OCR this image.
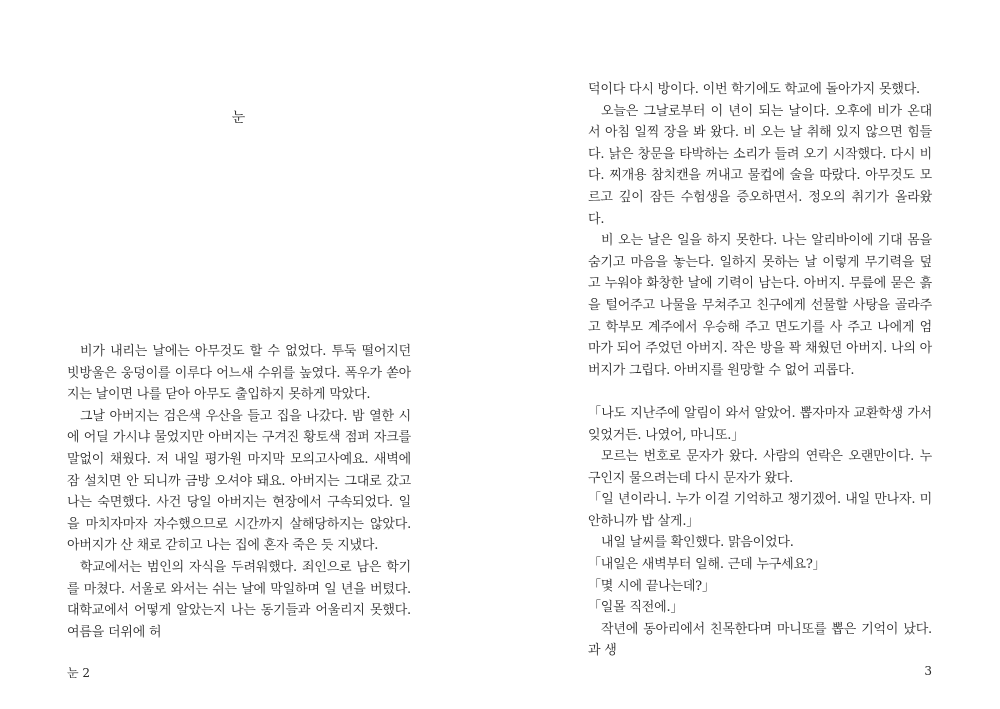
눈

비가 내리는 날에는 아무것도 할 수 없었다. 투둑 떨어지던 빗방울은 웅덩이를 이루다 어느새 수위를 높였다. 폭우가 쏟아지는 날이면 나를 닫아 아무도 출입하지 못하게 막았다.

그날 아버지는 검은색 우산을 들고 집을 나갔다. 밤 열한 시에 어딜 가시냐 물었지만 아버지는 구겨진 황토색 점퍼 자크를 말없이 채웠다. 저 내일 평가원 마지막 모의고사예요. 새벽에 잠 설치면 안 되니까 금방 오셔야 돼요. 아버지는 그대로 갔고 나는 숙면했다. 사건 당일 아버지는 현장에서 구속되었다. 일을 마치자마자 자수했으므로 시간까지 살해당하지는 않았다. 아버지가 산 채로 갇히고 나는 집에 혼자 죽은 듯 지냈다.

학교에서는 범인의 자식을 두려워했다. 죄인으로 남은 학기를 마쳤다. 서울로 와서는 쉬는 날에 막일하며 일 년을 버텼다. 대학교에서 어떻게 알았는지 나는 동기들과 어울리지 못했다. 여름을 더위에 허

눈 2

덕이다 다시 방이다. 이번 학기에도 학교에 돌아가지 못했다.

오늘은 그날로부터 이 년이 되는 날이다. 오후에 비가 온대서 아침 일찍 장을 봐 왔다. 비 오는 날 취해 있지 않으면 힘들다. 낡은 창문을 타박하는 소리가 들려 오기 시작했다. 다시 비다. 찌개용 참치캔을 꺼내고 물컵에 술을 따랐다. 아무것도 모르고 깊이 잠든 수험생을 증오하면서. 정오의 취기가 올라왔다.

비 오는 날은 일을 하지 못한다. 나는 알리바이에 기대 몸을 숨기고 마음을 놓는다. 일하지 못하는 날 이렇게 무기력을 덮고 누워야 화창한 날에 기력이 남는다. 아버지. 무릎에 묻은 흙을 털어주고 나물을 무쳐주고 친구에게 선물할 사탕을 골라주고 학부모 계주에서 우승해 주고 면도기를 사 주고 나에게 엄마가 되어 주었던 아버지. 작은 방을 꽉 채웠던 아버지. 나의 아버지가 그립다. 아버지를 원망할 수 없어 괴롭다.

「나도 지난주에 알림이 와서 알았어. 뽑자마자 교환학생 가서 잊었거든. 나였어, 마니또.」

모르는 번호로 문자가 왔다. 사람의 연락은 오랜만이다. 누구인지 물으려는데 다시 문자가 왔다.

「일 년이라니. 누가 이걸 기억하고 챙기겠어. 내일 만나자. 미안하니까 밥 살게.」

내일 날씨를 확인했다. 맑음이었다.

「내일은 새벽부터 일해. 근데 누구세요?」

「몇 시에 끝나는데?」

「일몰 직전에.」

작년에 동아리에서 친목한다며 마니또를 뽑은 기억이 났다. 과 생

3
